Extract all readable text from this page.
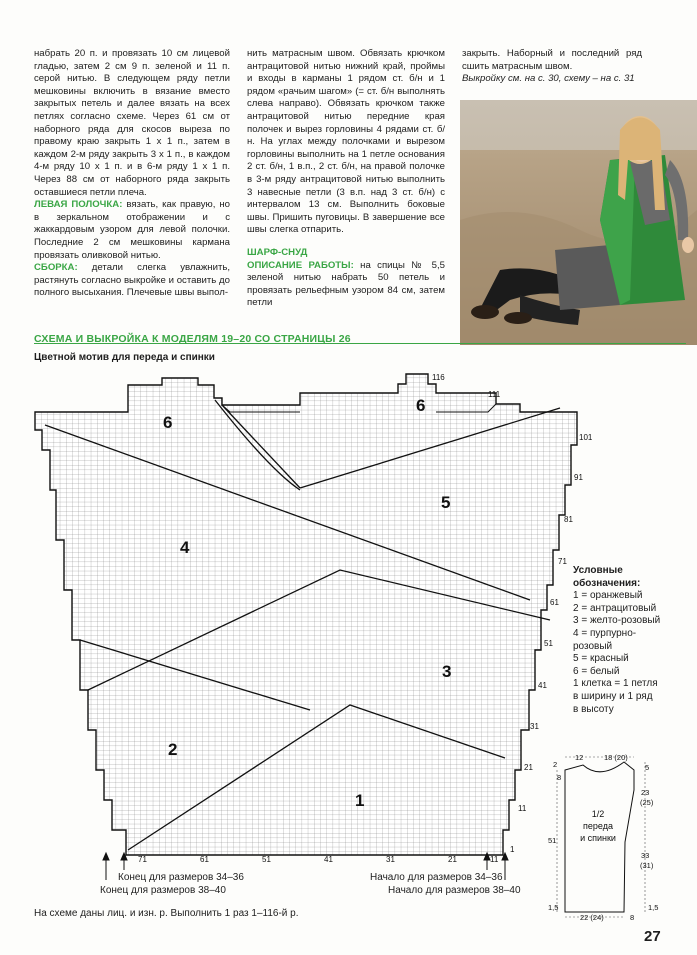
набрать 20 п. и провязать 10 см лицевой гладью, затем 2 см 9 п. зеленой и 11 п. серой нитью. В следующем ряду петли мешковины включить в вязание вместо закрытых петель и далее вязать на всех петлях согласно схеме. Через 61 см от наборного ряда для скосов выреза по правому краю закрыть 1 х 1 п., затем в каждом 2-м ряду закрыть 3 х 1 п., в каждом 4-м ряду 10 х 1 п. и в 6-м ряду 1 х 1 п. Через 88 см от наборного ряда закрыть оставшиеся петли плеча.

ЛЕВАЯ ПОЛОЧКА: вязать, как правую, но в зеркальном отображении и с жаккардовым узором для левой полочки. Последние 2 см мешковины кармана провязать оливковой нитью.

СБОРКА: детали слегка увлажнить, растянуть согласно выкройке и оставить до полного высыхания. Плечевые швы выпол-

нить матрасным швом. Обвязать крючком антрацитовой нитью нижний край, проймы и входы в карманы 1 рядом ст. б/н и 1 рядом «рачьим шагом» (= ст. б/н выполнять слева направо). Обвязать крючком также антрацитовой нитью передние края полочек и вырез горловины 4 рядами ст. б/н. На углах между полочками и вырезом горловины выполнить на 1 петле основания 2 ст. б/н, 1 в.п., 2 ст. б/н, на правой полочке в 3-м ряду антрацитовой нитью выполнить 3 навесные петли (3 в.п. над 3 ст. б/н) с интервалом 13 см. Выполнить боковые швы. Пришить пуговицы. В завершение все швы слегка отпарить.

ШАРФ-СНУД
ОПИСАНИЕ РАБОТЫ: на спицы № 5,5 зеленой нитью набрать 50 петель и провязать рельефным узором 84 см, затем петли

закрыть. Наборный и последний ряд сшить матрасным швом.

Выкройку см. на с. 30, схему – на с. 31

СХЕМА И ВЫКРОЙКА К МОДЕЛЯМ 19–20 СО СТРАНИЦЫ 26
Цветной мотив для переда и спинки
1
2
3
4
5
6
6
116
111
101
91
81
71
61
51
41
31
21
11
1
71	61	51	41	31	21	11
Конец для размеров 34–36
Конец для размеров 38–40
Начало для размеров 34–36
Начало для размеров 38–40
Условные
обозначения:
1 = оранжевый
2 = антрацитовый
3 = желто-розовый
4 = пурпурно-
розовый
5 = красный
6 = белый
1 клетка = 1 петля
в ширину и 1 ряд
в высоту
12	18 (20)
2
8
5
23
(25)
51
33
(31)
1,5
22 (24)	8
1,5
1/2
переда
и спинки
На схеме даны лиц. и изн. р. Выполнить 1 раз 1–116-й р.
27
